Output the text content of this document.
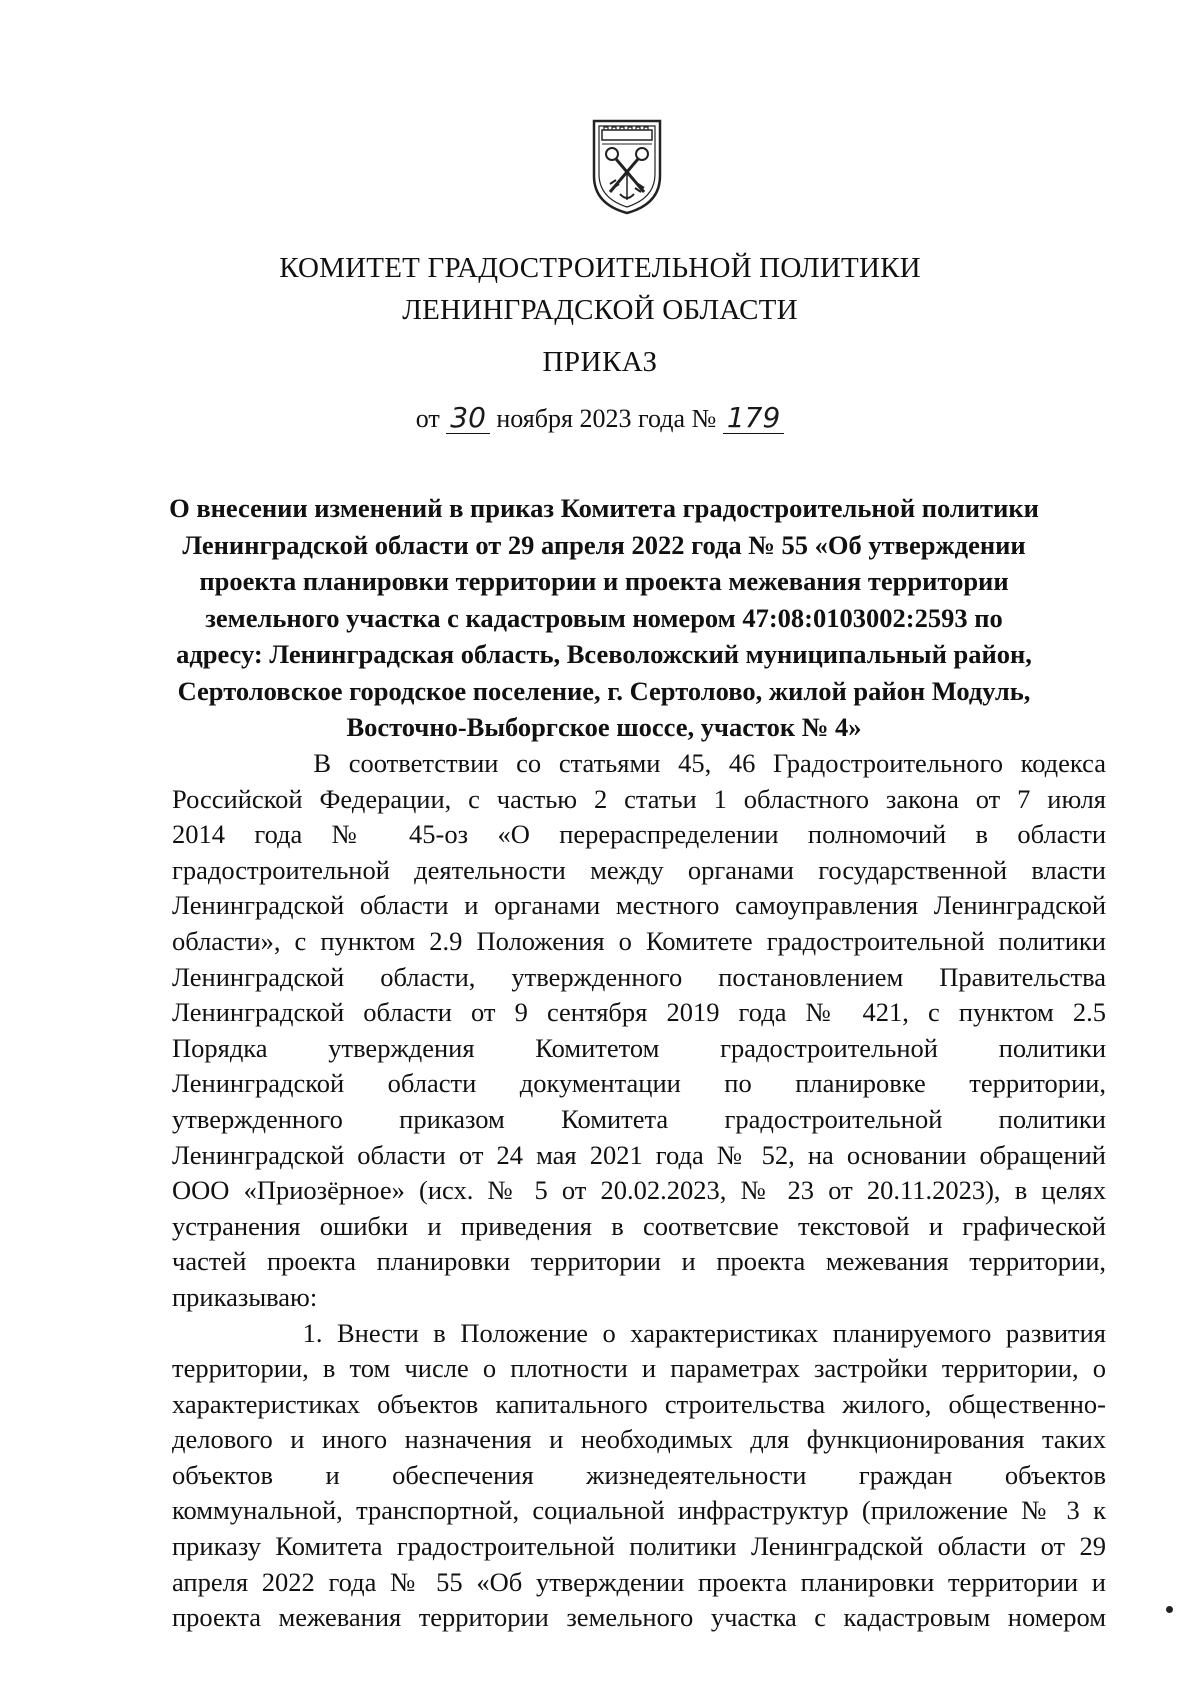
КОМИТЕТ ГРАДОСТРОИТЕЛЬНОЙ ПОЛИТИКИ
ЛЕНИНГРАДСКОЙ ОБЛАСТИ
ПРИКАЗ
от 30 ноября 2023 года № 179
О внесении изменений в приказ Комитета градостроительной политики
Ленинградской области от 29 апреля 2022 года № 55 «Об утверждении
проекта планировки территории и проекта межевания территории
земельного участка с кадастровым номером 47:08:0103002:2593 по
адресу: Ленинградская область, Всеволожский муниципальный район,
Сертоловское городское поселение, г. Сертолово, жилой район Модуль,
Восточно-Выборгское шоссе, участок № 4»
В соответствии со статьями 45, 46 Градостроительного кодекса
Российской Федерации, с частью 2 статьи 1 областного закона от 7 июля
2014 года № 45-оз «О перераспределении полномочий в области
градостроительной деятельности между органами государственной власти
Ленинградской области и органами местного самоуправления Ленинградской
области», с пунктом 2.9 Положения о Комитете градостроительной политики
Ленинградской области, утвержденного постановлением Правительства
Ленинградской области от 9 сентября 2019 года № 421, с пунктом 2.5
Порядка утверждения Комитетом градостроительной политики
Ленинградской области документации по планировке территории,
утвержденного приказом Комитета градостроительной политики
Ленинградской области от 24 мая 2021 года № 52, на основании обращений
ООО «Приозёрное» (исх. № 5 от 20.02.2023, № 23 от 20.11.2023), в целях
устранения ошибки и приведения в соответсвие текстовой и графической
частей проекта планировки территории и проекта межевания территории,
приказываю:
1. Внести в Положение о характеристиках планируемого развития
территории, в том числе о плотности и параметрах застройки территории, о
характеристиках объектов капитального строительства жилого, общественно-
делового и иного назначения и необходимых для функционирования таких
объектов и обеспечения жизнедеятельности граждан объектов
коммунальной, транспортной, социальной инфраструктур (приложение № 3 к
приказу Комитета градостроительной политики Ленинградской области от 29
апреля 2022 года № 55 «Об утверждении проекта планировки территории и
проекта межевания территории земельного участка с кадастровым номером
